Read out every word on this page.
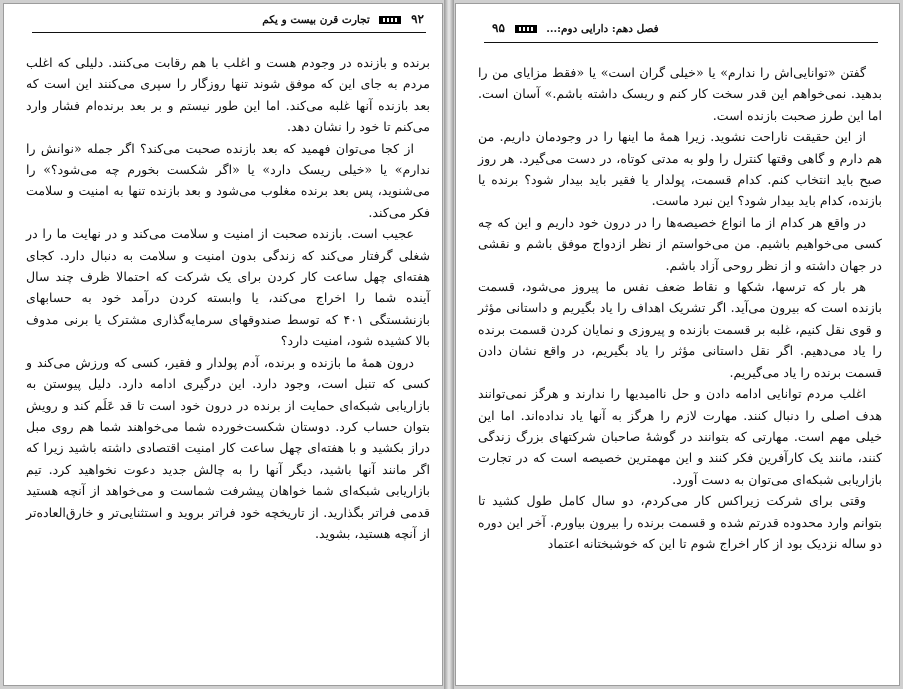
۹۲  تجارت قرن بیست و یکم

برنده و بازنده در وجودم هست و اغلب با هم رقابت می‌کنند. دلیلی که اغلب مردم به جای این که موفق شوند تنها روزگار را سپری می‌کنند این است که بعد بازنده آنها غلبه می‌کند. اما این طور نیستم و بر بعد برنده‌ام فشار وارد می‌کنم تا خود را نشان دهد.

از کجا می‌توان فهمید که بعد بازنده صحبت می‌کند؟ اگر جمله «نوانش را ندارم» یا «خیلی ریسک دارد» یا «اگر شکست بخورم چه می‌شود؟» را می‌شنوید، پس بعد برنده مغلوب می‌شود و بعد بازنده تنها به امنیت و سلامت فکر می‌کند.

عجیب است. بازنده صحبت از امنیت و سلامت می‌کند و در نهایت ما را در شغلی گرفتار می‌کند که زندگی بدون امنیت و سلامت به دنبال دارد. کجای هفته‌ای چهل ساعت کار کردن برای یک شرکت که احتمالا ظرف چند سال آینده شما را اخراج می‌کند، یا وابسته کردن درآمد خود به حسابهای بازنشستگی ۴۰۱ که توسط صندوقهای سرمایه‌گذاری مشترک یا برنی مدوف بالا کشیده شود، امنیت دارد؟

درون همهٔ ما بازنده و برنده، آدم پولدار و فقیر، کسی که ورزش می‌کند و کسی که تنبل است، وجود دارد. این درگیری ادامه دارد. دلیل پیوستن به بازاریابی شبکه‌ای حمایت از برنده در درون خود است تا قد عَلَم کند و رویش بتوان حساب کرد. دوستان شکست‌خورده شما می‌خواهند شما هم روی مبل دراز بکشید و با هفته‌ای چهل ساعت کار امنیت اقتصادی داشته باشید زیرا که اگر مانند آنها باشید، دیگر آنها را به چالش جدید دعوت نخواهید کرد. تیم بازاریابی شبکه‌ای شما خواهان پیشرفت شماست و می‌خواهد از آنچه هستید قدمی فراتر بگذارید. از تاریخچه خود فراتر بروید و استثنایی‌تر و خارق‌العاده‌تر از آنچه هستید، بشوید.

فصل دهم: دارایی دوم:...  ۹۵

گفتن «توانایی‌اش را ندارم» یا «خیلی گران است» یا «فقط مزایای من را بدهید. نمی‌خواهم این قدر سخت کار کنم و ریسک داشته باشم.» آسان است. اما این طرز صحبت بازنده است.

از این حقیقت ناراحت نشوید. زیرا همهٔ ما اینها را در وجودمان داریم. من هم دارم و گاهی وقتها کنترل را ولو به مدتی کوتاه، در دست می‌گیرد. هر روز صبح باید انتخاب کنم. کدام قسمت، پولدار یا فقیر باید بیدار شود؟ برنده یا بازنده، کدام باید بیدار شود؟ این نبرد ماست.

در واقع هر کدام از ما انواع خصیصه‌ها را در درون خود داریم و این که چه کسی می‌خواهیم باشیم. من می‌خواستم از نظر ازدواج موفق باشم و نقشی در جهان داشته و از نظر روحی آزاد باشم.

هر بار که ترسها، شکها و نقاط ضعف نفس ما پیروز می‌شود، قسمت بازنده است که بیرون می‌آید. اگر تشریک اهداف را یاد بگیریم و داستانی مؤثر و قوی نقل کنیم، غلبه بر قسمت بازنده و پیروزی و نمایان کردن قسمت برنده را یاد می‌دهیم. اگر نقل داستانی مؤثر را یاد بگیریم، در واقع نشان دادن قسمت برنده را یاد می‌گیریم.

اغلب مردم توانایی ادامه دادن و حل ناامیدیها را ندارند و هرگز نمی‌توانند هدف اصلی را دنبال کنند. مهارت لازم را هرگز به آنها یاد نداده‌اند. اما این خیلی مهم است. مهارتی که بتوانند در گوشهٔ صاحبان شرکتهای بزرگ زندگی کنند، مانند یک کارآفرین فکر کنند و این مهمترین خصیصه است که در تجارت بازاریابی شبکه‌ای می‌توان به دست آورد.

وقتی برای شرکت زیراکس کار می‌کردم، دو سال کامل طول کشید تا بتوانم وارد محدوده قدرتم شده و قسمت برنده را بیرون بیاورم. آخر این دوره دو ساله نزدیک بود از کار اخراج شوم تا این که خوشبختانه اعتماد
